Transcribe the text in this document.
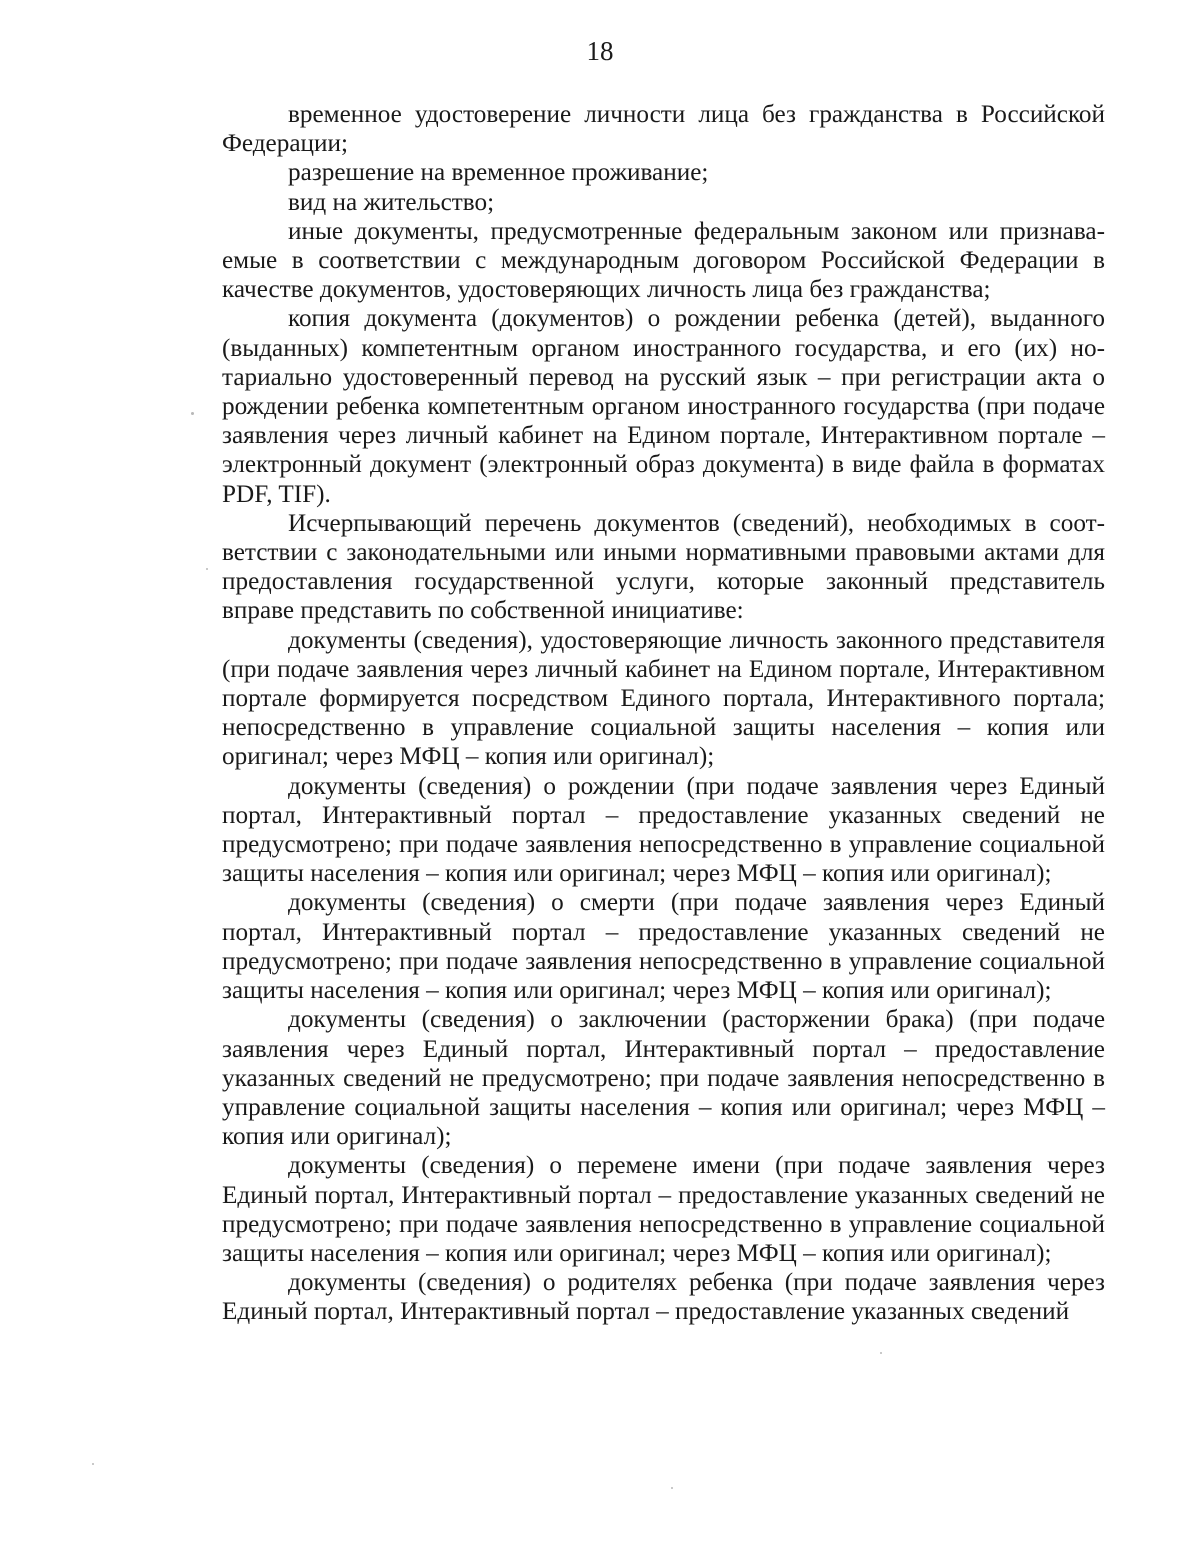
18

временное удостоверение личности лица без гражданства в Российской Федерации;

разрешение на временное проживание;

вид на жительство;

иные документы, предусмотренные федеральным законом или признаваемые в соответствии с международным договором Российской Федерации в качестве документов, удостоверяющих личность лица без гражданства;

копия документа (документов) о рождении ребенка (детей), выданного (выданных) компетентным органом иностранного государства, и его (их) нотариально удостоверенный перевод на русский язык – при регистрации акта о рождении ребенка компетентным органом иностранного государства (при подаче заявления через личный кабинет на Едином портале, Интерактивном портале – электронный документ (электронный образ документа) в виде файла в форматах PDF, TIF).

Исчерпывающий перечень документов (сведений), необходимых в соответствии с законодательными или иными нормативными правовыми актами для предоставления государственной услуги, которые законный представитель вправе представить по собственной инициативе:

документы (сведения), удостоверяющие личность законного представителя (при подаче заявления через личный кабинет на Едином портале, Интерактивном портале формируется посредством Единого портала, Интерактивного портала; непосредственно в управление социальной защиты населения – копия или оригинал; через МФЦ – копия или оригинал);

документы (сведения) о рождении (при подаче заявления через Единый портал, Интерактивный портал – предоставление указанных сведений не предусмотрено; при подаче заявления непосредственно в управление социальной защиты населения – копия или оригинал; через МФЦ – копия или оригинал);

документы (сведения) о смерти (при подаче заявления через Единый портал, Интерактивный портал – предоставление указанных сведений не предусмотрено; при подаче заявления непосредственно в управление социальной защиты населения – копия или оригинал; через МФЦ – копия или оригинал);

документы (сведения) о заключении (расторжении брака) (при подаче заявления через Единый портал, Интерактивный портал – предоставление указанных сведений не предусмотрено; при подаче заявления непосредственно в управление социальной защиты населения – копия или оригинал; через МФЦ – копия или оригинал);

документы (сведения) о перемене имени (при подаче заявления через Единый портал, Интерактивный портал – предоставление указанных сведений не предусмотрено; при подаче заявления непосредственно в управление социальной защиты населения – копия или оригинал; через МФЦ – копия или оригинал);

документы (сведения) о родителях ребенка (при подаче заявления через Единый портал, Интерактивный портал – предоставление указанных сведений
